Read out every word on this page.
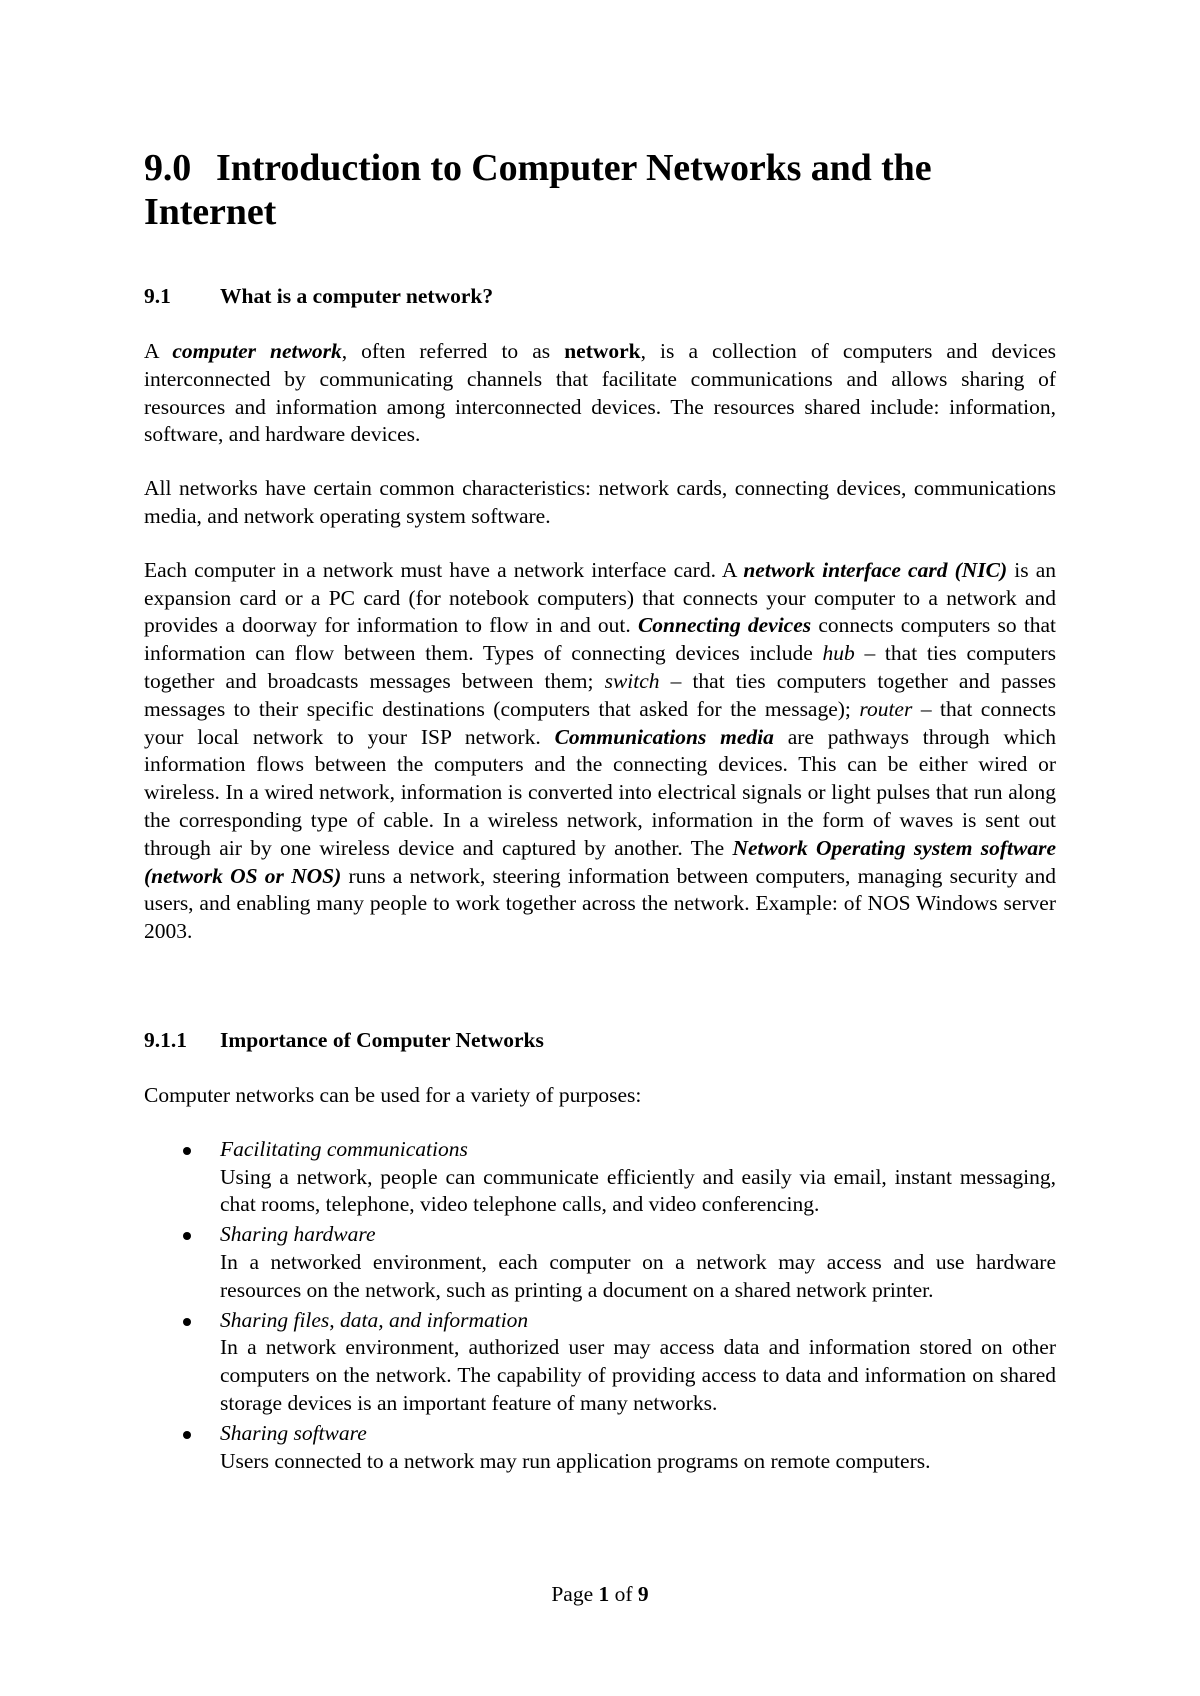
9.0 Introduction to Computer Networks and the Internet
9.1 What is a computer network?

A computer network, often referred to as network, is a collection of computers and devices interconnected by communicating channels that facilitate communications and allows sharing of resources and information among interconnected devices. The resources shared include: information, software, and hardware devices.

All networks have certain common characteristics: network cards, connecting devices, communications media, and network operating system software.

Each computer in a network must have a network interface card. A network interface card (NIC) is an expansion card or a PC card (for notebook computers) that connects your computer to a network and provides a doorway for information to flow in and out. Connecting devices connects computers so that information can flow between them. Types of connecting devices include hub – that ties computers together and broadcasts messages between them; switch – that ties computers together and passes messages to their specific destinations (computers that asked for the message); router – that connects your local network to your ISP network. Communications media are pathways through which information flows between the computers and the connecting devices. This can be either wired or wireless. In a wired network, information is converted into electrical signals or light pulses that run along the corresponding type of cable. In a wireless network, information in the form of waves is sent out through air by one wireless device and captured by another. The Network Operating system software (network OS or NOS) runs a network, steering information between computers, managing security and users, and enabling many people to work together across the network. Example: of NOS Windows server 2003.

9.1.1 Importance of Computer Networks

Computer networks can be used for a variety of purposes:

Facilitating communications
Using a network, people can communicate efficiently and easily via email, instant messaging, chat rooms, telephone, video telephone calls, and video conferencing.
Sharing hardware
In a networked environment, each computer on a network may access and use hardware resources on the network, such as printing a document on a shared network printer.
Sharing files, data, and information
In a network environment, authorized user may access data and information stored on other computers on the network. The capability of providing access to data and information on shared storage devices is an important feature of many networks.
Sharing software
Users connected to a network may run application programs on remote computers.
Page 1 of 9
